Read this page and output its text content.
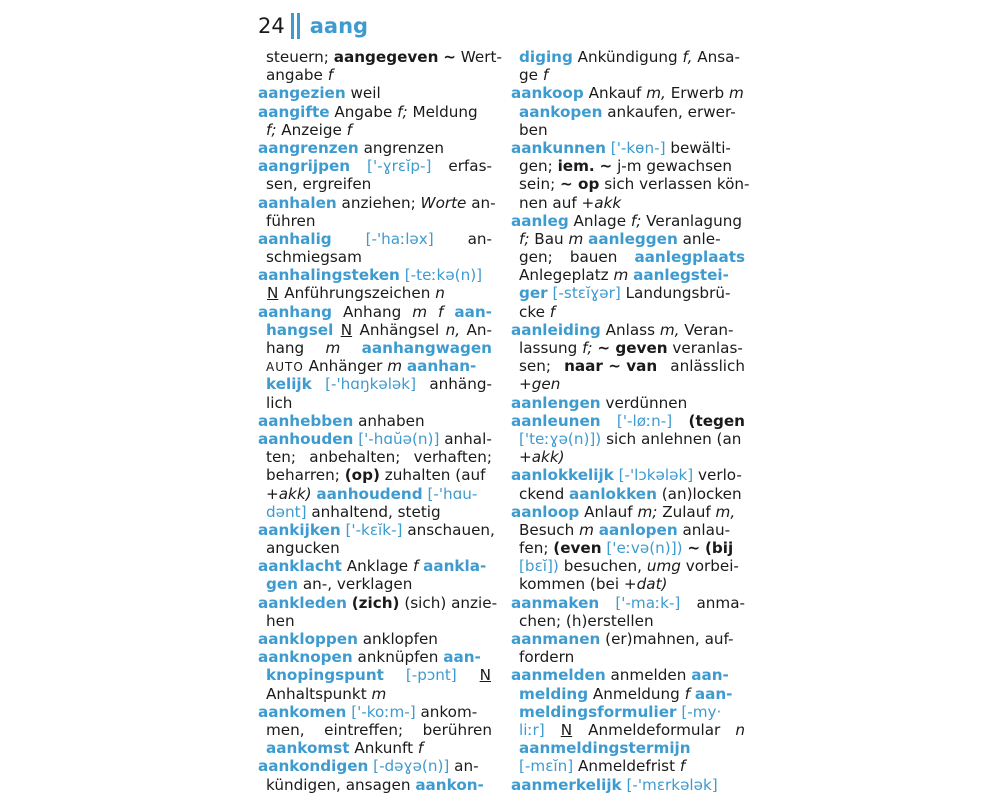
24 aang
steuern; aangegeven ~ Wert-
angabe f
aangezien weil
aangifte Angabe f; Meldung
f; Anzeige f
aangrenzen angrenzen
aangrijpen ['-ɣrɛĭp-] erfas-
sen, ergreifen
aanhalen anziehen; Worte an-
führen
aanhalig [-'haːləx] an-
schmiegsam
aanhalingsteken [-teːkə(n)]
N Anführungszeichen n
aanhang Anhang m f aan-
hangsel N Anhängsel n, An-
hang m aanhangwagen
AUTO Anhänger m aanhan-
kelijk [-'hɑŋkələk] anhäng-
lich
aanhebben anhaben
aanhouden ['-hɑŭə(n)] anhal-
ten; anbehalten; verhaften;
beharren; (op) zuhalten (auf
+akk) aanhoudend [-'hɑu-
dənt] anhaltend, stetig
aankijken ['-kɛĭk-] anschauen,
angucken
aanklacht Anklage f aankla-
gen an-, verklagen
aankleden (zich) (sich) anzie-
hen
aankloppen anklopfen
aanknopen anknüpfen aan-
knopingspunt [-pɔnt] N
Anhaltspunkt m
aankomen ['-koːm-] ankom-
men, eintreffen; berühren
aankomst Ankunft f
aankondigen [-dəɣə(n)] an-
kündigen, ansagen aankon-
diging Ankündigung f, Ansa-
ge f
aankoop Ankauf m, Erwerb m
aankopen ankaufen, erwer-
ben
aankunnen ['-kɵn-] bewälti-
gen; iem. ~ j-m gewachsen
sein; ~ op sich verlassen kön-
nen auf +akk
aanleg Anlage f; Veranlagung
f; Bau m aanleggen anle-
gen; bauen aanlegplaats
Anlegeplatz m aanlegstei-
ger [-stɛĭɣər] Landungsbrü-
cke f
aanleiding Anlass m, Veran-
lassung f; ~ geven veranlas-
sen; naar ~ van anlässlich
+gen
aanlengen verdünnen
aanleunen ['-løːn-] (tegen
['teːɣə(n)]) sich anlehnen (an
+akk)
aanlokkelijk [-'lɔkələk] verlo-
ckend aanlokken (an)locken
aanloop Anlauf m; Zulauf m,
Besuch m aanlopen anlau-
fen; (even ['eːvə(n)]) ~ (bij
[bɛĭ]) besuchen, umg vorbei-
kommen (bei +dat)
aanmaken ['-maːk-] anma-
chen; (h)erstellen
aanmanen (er)mahnen, auf-
fordern
aanmelden anmelden aan-
melding Anmeldung f aan-
meldingsformulier [-my·
liːr] N Anmeldeformular n
aanmeldingstermijn
[-mɛĭn] Anmeldefrist f
aanmerkelijk [-'mɛrkələk]
